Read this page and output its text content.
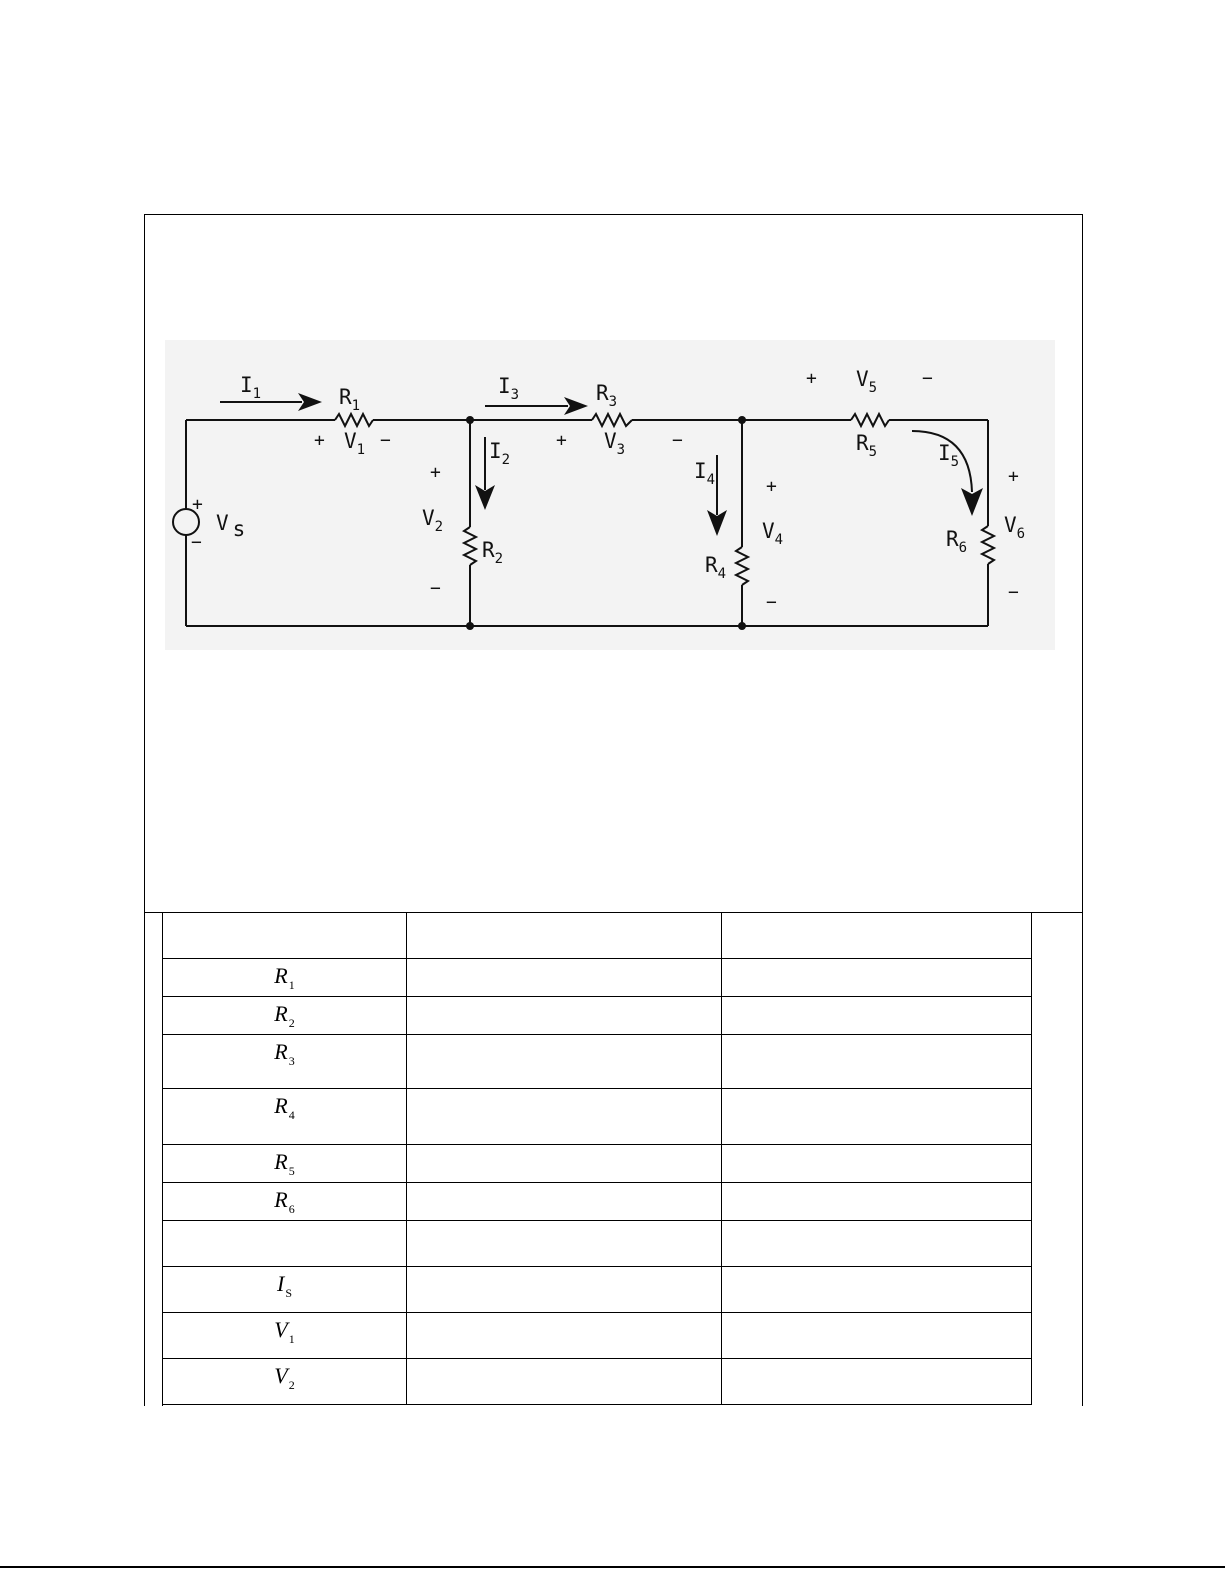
$I_1$	$R_1$
+ $V_1$ −	$I_2$
+
$V_2$
−
$R_2$
$I_3$	$R_3$
+ $V_3$	−
$I_4$	+
$V_4$
−
$R_4$
+ $V_5$ −
$R_5$	$I_5$
+
$V_6$
−
$R_6$
+
−
V s
$R_1$		
$R_2$		
$R_3$		
$R_4$		
$R_5$		
$R_6$		

$I_S$		
$V_1$		
$V_2$		
